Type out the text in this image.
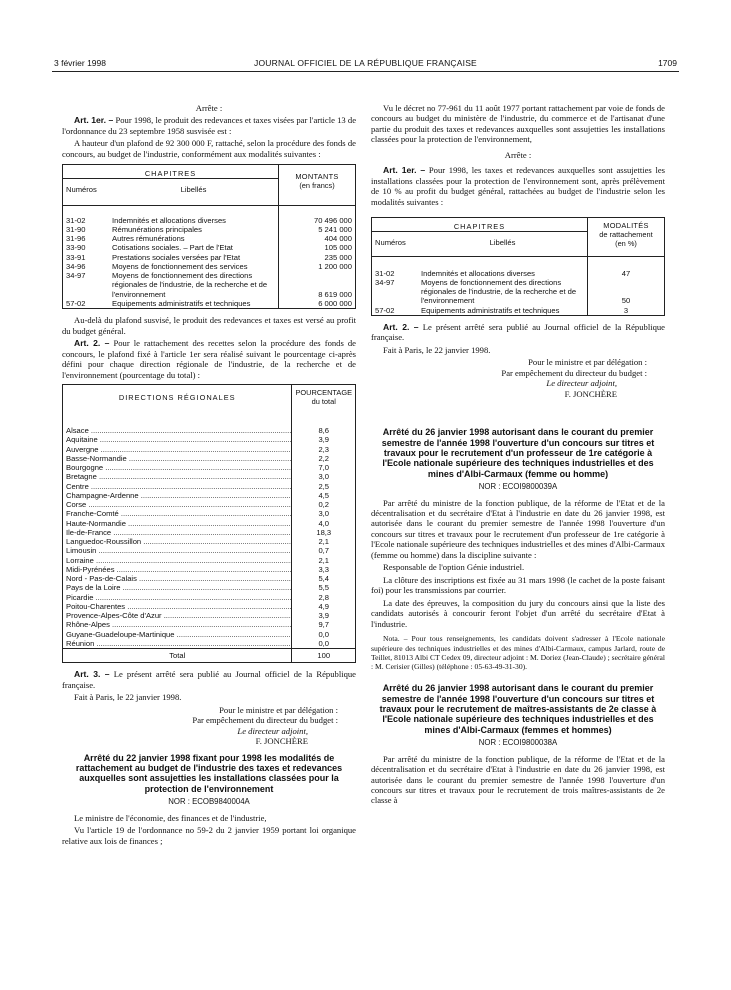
3 février 1998	JOURNAL OFFICIEL DE LA RÉPUBLIQUE FRANÇAISE	1709

Arrête :

Art. 1er. – Pour 1998, le produit des redevances et taxes visées par l'article 13 de l'ordonnance du 23 septembre 1958 susvisée est :

A hauteur d'un plafond de 92 300 000 F, rattaché, selon la procédure des fonds de concours, au budget de l'industrie, conformément aux modalités suivantes :

CHAPITRES		MONTANTS
(en francs)
Numéros	Libellés	
31-02	Indemnités et allocations diverses	70 496 000
31-90	Rémunérations principales	5 241 000
31-96	Autres rémunérations	404 000
33-90	Cotisations sociales. – Part de l'Etat	105 000
33-91	Prestations sociales versées par l'Etat	235 000
34-96	Moyens de fonctionnement des services	1 200 000
34-97	Moyens de fonctionnement des directions régionales de l'industrie, de la recherche et de l'environnement	8 619 000
57-02	Equipements administratifs et techniques	6 000 000

Au-delà du plafond susvisé, le produit des redevances et taxes est versé au profit du budget général.

Art. 2. – Pour le rattachement des recettes selon la procédure des fonds de concours, le plafond fixé à l'article 1er sera réalisé suivant le pourcentage ci-après défini pour chaque direction régionale de l'industrie, de la recherche et de l'environnement (pourcentage du total) :

DIRECTIONS RÉGIONALES	POURCENTAGE
du total
Alsace .....	8,6
Aquitaine .....	3,9
Auvergne .....	2,3
Basse-Normandie .....	2,2
Bourgogne .....	7,0
Bretagne .....	3,0
Centre .....	2,5
Champagne-Ardenne .....	4,5
Corse .....	0,2
Franche-Comté .....	3,0
Haute-Normandie .....	4,0
Ile-de-France .....	18,3
Languedoc-Roussillon .....	2,1
Limousin .....	0,7
Lorraine .....	2,1
Midi-Pyrénées .....	3,3
Nord - Pas-de-Calais .....	5,4
Pays de la Loire .....	5,5
Picardie .....	2,8
Poitou-Charentes .....	4,9
Provence-Alpes-Côte d'Azur .....	3,9
Rhône-Alpes .....	9,7
Guyane-Guadeloupe-Martinique .....	0,0
Réunion .....	0,0
Total	100

Art. 3. – Le présent arrêté sera publié au Journal officiel de la République française.

Fait à Paris, le 22 janvier 1998.

Pour le ministre et par délégation :
Par empêchement du directeur du budget :
Le directeur adjoint,
F. JONCHÈRE
Arrêté du 22 janvier 1998 fixant pour 1998 les modalités de rattachement au budget de l'industrie des taxes et redevances auxquelles sont assujetties les installations classées pour la protection de l'environnement
NOR : ECOB9840004A

Le ministre de l'économie, des finances et de l'industrie,

Vu l'article 19 de l'ordonnance no 59-2 du 2 janvier 1959 portant loi organique relative aux lois de finances ;

Vu le décret no 77-961 du 11 août 1977 portant rattachement par voie de fonds de concours au budget du ministère de l'industrie, du commerce et de l'artisanat d'une partie du produit des taxes et redevances auxquelles sont assujetties les installations classées pour la protection de l'environnement,

Arrête :

Art. 1er. – Pour 1998, les taxes et redevances auxquelles sont assujetties les installations classées pour la protection de l'environnement sont, après prélèvement de 10 % au profit du budget général, rattachées au budget de l'industrie selon les modalités suivantes :

CHAPITRES		MODALITÉS
de rattachement
(en %)
Numéros	Libellés	
31-02	Indemnités et allocations diverses	47
34-97	Moyens de fonctionnement des directions régionales de l'industrie, de la recherche et de l'environnement	50
57-02	Equipements administratifs et techniques	3

Art. 2. – Le présent arrêté sera publié au Journal officiel de la République française.

Fait à Paris, le 22 janvier 1998.

Pour le ministre et par délégation :
Par empêchement du directeur du budget :
Le directeur adjoint,
F. JONCHÈRE
Arrêté du 26 janvier 1998 autorisant dans le courant du premier semestre de l'année 1998 l'ouverture d'un concours sur titres et travaux pour le recrutement d'un professeur de 1re catégorie à l'Ecole nationale supérieure des techniques industrielles et des mines d'Albi-Carmaux (femme ou homme)
NOR : ECOI9800039A

Par arrêté du ministre de la fonction publique, de la réforme de l'Etat et de la décentralisation et du secrétaire d'Etat à l'industrie en date du 26 janvier 1998, est autorisée dans le courant du premier semestre de l'année 1998 l'ouverture d'un concours sur titres et travaux pour le recrutement d'un professeur de 1re catégorie à l'Ecole nationale supérieure des techniques industrielles et des mines d'Albi-Carmaux (femme ou homme) dans la discipline suivante :

Responsable de l'option Génie industriel.

La clôture des inscriptions est fixée au 31 mars 1998 (le cachet de la poste faisant foi) pour les transmissions par courrier.

La date des épreuves, la composition du jury du concours ainsi que la liste des candidats autorisés à concourir feront l'objet d'un arrêté du secrétaire d'Etat à l'industrie.

Nota. – Pour tous renseignements, les candidats doivent s'adresser à l'Ecole nationale supérieure des techniques industrielles et des mines d'Albi-Carmaux, campus Jarlard, route de Teillet, 81013 Albi CT Cedex 09, directeur adjoint : M. Doriez (Jean-Claude) ; secrétaire général : M. Cerisier (Gilles) (téléphone : 05-63-49-31-30).

Arrêté du 26 janvier 1998 autorisant dans le courant du premier semestre de l'année 1998 l'ouverture d'un concours sur titres et travaux pour le recrutement de maîtres-assistants de 2e classe à l'Ecole nationale supérieure des techniques industrielles et des mines d'Albi-Carmaux (femmes et hommes)
NOR : ECOI9800038A

Par arrêté du ministre de la fonction publique, de la réforme de l'Etat et de la décentralisation et du secrétaire d'Etat à l'industrie en date du 26 janvier 1998, est autorisée dans le courant du premier semestre de l'année 1998 l'ouverture d'un concours sur titres et travaux pour le recrutement de trois maîtres-assistants de 2e classe à
